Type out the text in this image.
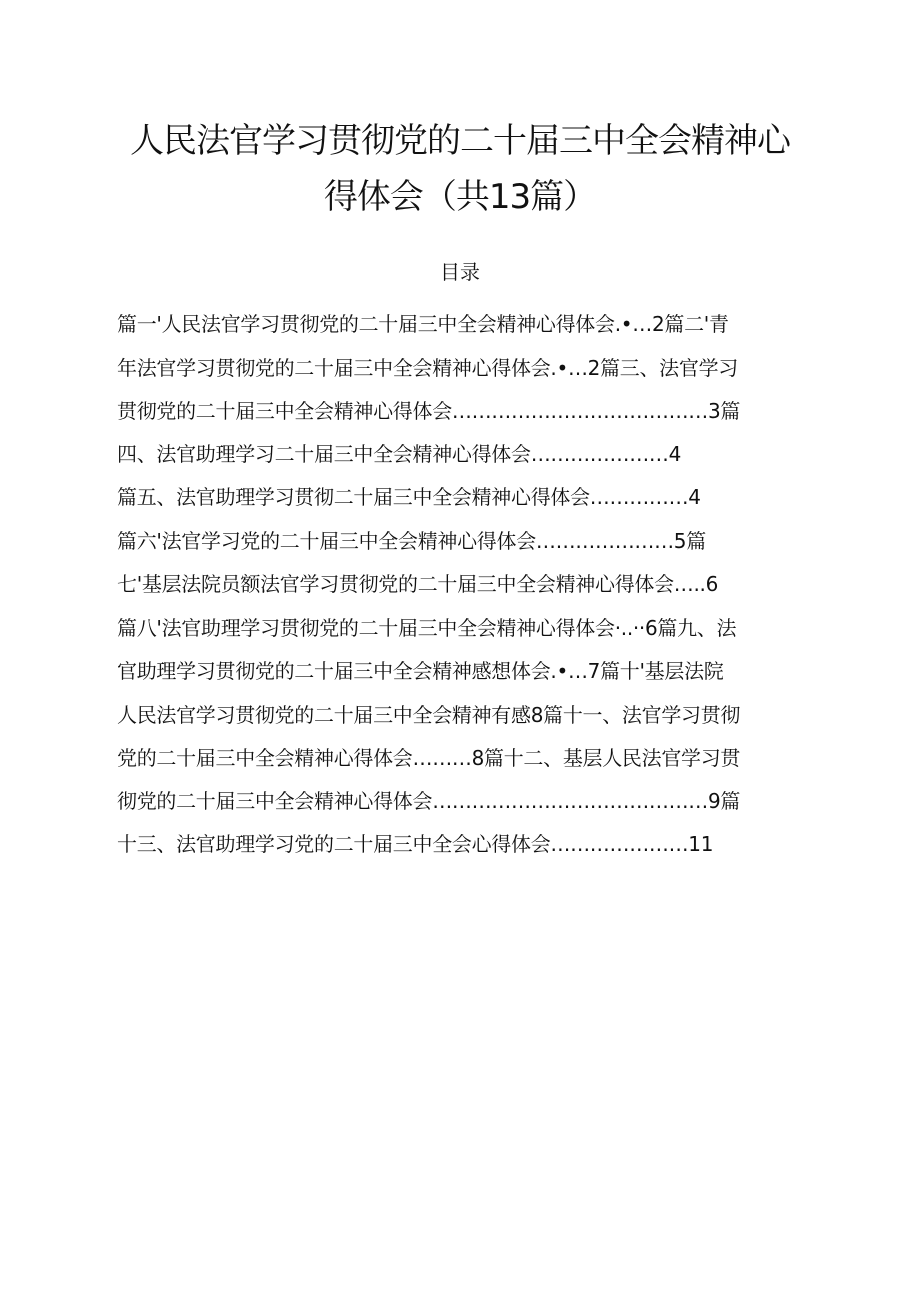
人民法官学习贯彻党的二十届三中全会精神心
得体会（共13篇）
目录
篇一'人民法官学习贯彻党的二十届三中全会精神心得体会.•…2篇二'青
年法官学习贯彻党的二十届三中全会精神心得体会.•…2篇三、法官学习
贯彻党的二十届三中全会精神心得体会…………………………………3篇
四、法官助理学习二十届三中全会精神心得体会…………………4
篇五、法官助理学习贯彻二十届三中全会精神心得体会……………4
篇六'法官学习党的二十届三中全会精神心得体会…………………5篇
七'基层法院员额法官学习贯彻党的二十届三中全会精神心得体会…..6
篇八'法官助理学习贯彻党的二十届三中全会精神心得体会·..··6篇九、法
官助理学习贯彻党的二十届三中全会精神感想体会.•…7篇十'基层法院
人民法官学习贯彻党的二十届三中全会精神有感8篇十一、法官学习贯彻
党的二十届三中全会精神心得体会………8篇十二、基层人民法官学习贯
彻党的二十届三中全会精神心得体会……………………………………9篇
十三、法官助理学习党的二十届三中全会心得体会…………………11
